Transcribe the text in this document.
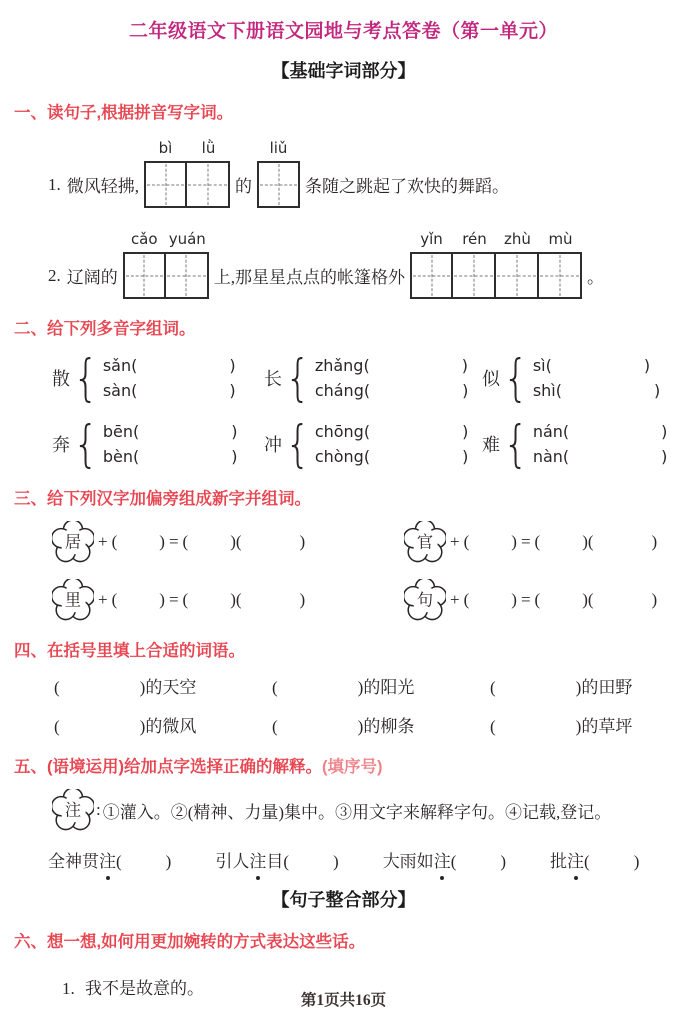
二年级语文下册语文园地与考点答卷（第一单元）
【基础字词部分】
一、读句子,根据拼音写字词。
1. 微风轻拂,
bì	lǜ
的
liǔ
条随之跳起了欢快的舞蹈。
2. 辽阔的
cǎo yuán
上,那星星点点的帐篷格外
yǐn	rén	zhù	mù
。
二、给下列多音字组词。
散 { sǎn(	)
sàn(	)
长 { zhǎng(	)
cháng(	)
似 { sì(	)
shì(	)
奔 { bēn(	)
bèn(	)
冲 { chōng(	)
chòng(	)
难 { nán(	)
nàn(	)
三、给下列汉字加偏旁组成新字并组词。
居 + ( ) = ( ) (	)	官 + ( ) = ( ) (	)
里 + ( ) = ( ) (	)	句 + ( ) = ( ) (	)
四、在括号里填上合适的词语。
(	)的天空	(	)的阳光	(	)的田野
(	)的微风	(	)的柳条	(	)的草坪
五、(语境运用)给加点字选择正确的解释。(填序号)
注 : ①灌入。②(精神、力量)集中。③用文字来解释字句。④记载,登记。
全神贯注(	)	引人注目(	)	大雨如注(	)	批注(	)
【句子整合部分】
六、想一想,如何用更加婉转的方式表达这些话。
1. 我不是故意的。
第1页共16页
